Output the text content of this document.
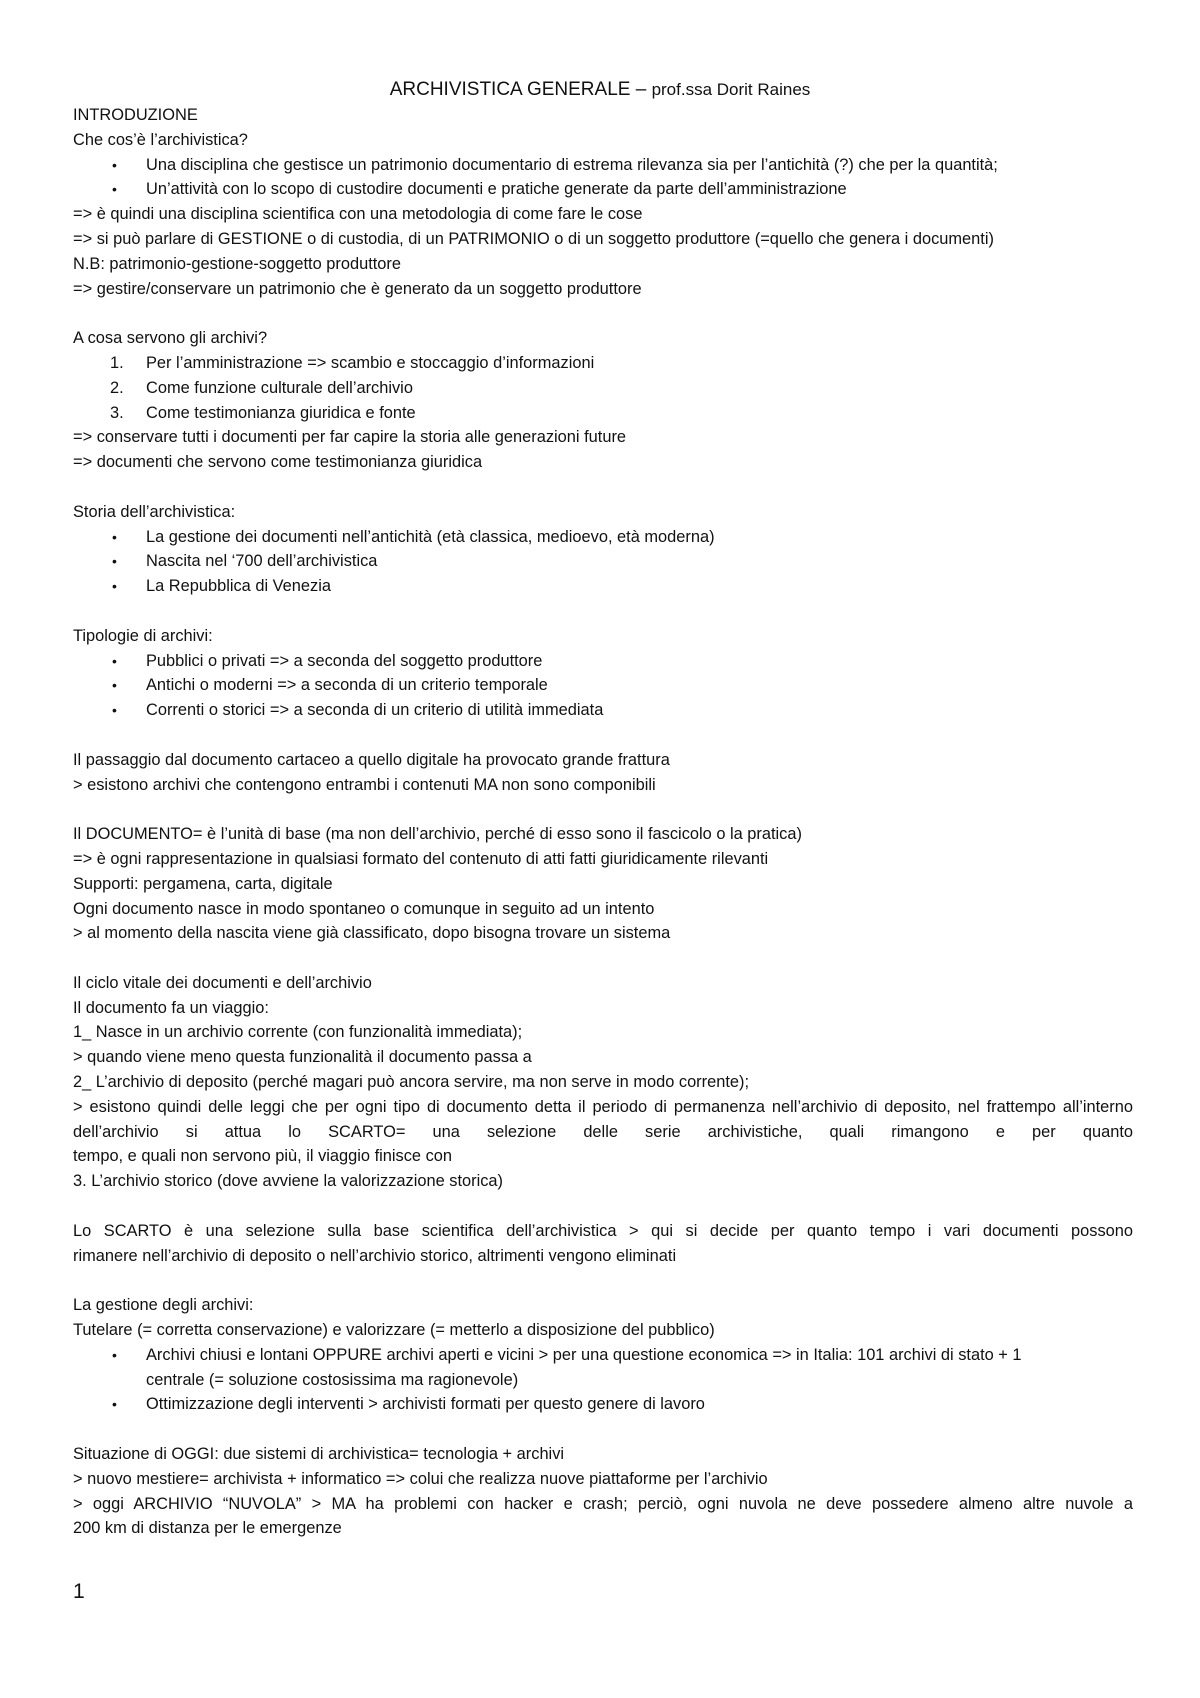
ARCHIVISTICA GENERALE – prof.ssa Dorit Raines
INTRODUZIONE
Che cos’è l’archivistica?
• Una disciplina che gestisce un patrimonio documentario di estrema rilevanza sia per l’antichità (?) che per la quantità;
• Un’attività con lo scopo di custodire documenti e pratiche generate da parte dell’amministrazione
=> è quindi una disciplina scientifica con una metodologia di come fare le cose
=> si può parlare di GESTIONE o di custodia, di un PATRIMONIO o di un soggetto produttore (=quello che genera i documenti)
N.B: patrimonio-gestione-soggetto produttore
=> gestire/conservare un patrimonio che è generato da un soggetto produttore
A cosa servono gli archivi?
1. Per l’amministrazione => scambio e stoccaggio d’informazioni
2. Come funzione culturale dell’archivio
3. Come testimonianza giuridica e fonte
=> conservare tutti i documenti per far capire la storia alle generazioni future
=> documenti che servono come testimonianza giuridica
Storia dell’archivistica:
• La gestione dei documenti nell’antichità (età classica, medioevo, età moderna)
• Nascita nel ‘700 dell’archivistica
• La Repubblica di Venezia
Tipologie di archivi:
• Pubblici o privati => a seconda del soggetto produttore
• Antichi o moderni => a seconda di un criterio temporale
• Correnti o storici => a seconda di un criterio di utilità immediata
Il passaggio dal documento cartaceo a quello digitale ha provocato grande frattura
> esistono archivi che contengono entrambi i contenuti MA non sono componibili
Il DOCUMENTO= è l’unità di base (ma non dell’archivio, perché di esso sono il fascicolo o la pratica)
=> è ogni rappresentazione in qualsiasi formato del contenuto di atti fatti giuridicamente rilevanti
Supporti: pergamena, carta, digitale
Ogni documento nasce in modo spontaneo o comunque in seguito ad un intento
> al momento della nascita viene già classificato, dopo bisogna trovare un sistema
Il ciclo vitale dei documenti e dell’archivio
Il documento fa un viaggio:
1_ Nasce in un archivio corrente (con funzionalità immediata);
> quando viene meno questa funzionalità il documento passa a
2_ L’archivio di deposito (perché magari può ancora servire, ma non serve in modo corrente);
> esistono quindi delle leggi che per ogni tipo di documento detta il periodo di permanenza nell’archivio di deposito, nel frattempo all’interno dell’archivio si attua lo SCARTO= una selezione delle serie archivistiche, quali rimangono e per quanto
tempo, e quali non servono più, il viaggio finisce con
3. L’archivio storico (dove avviene la valorizzazione storica)
Lo SCARTO è una selezione sulla base scientifica dell’archivistica > qui si decide per quanto tempo i vari documenti possono
rimanere nell’archivio di deposito o nell’archivio storico, altrimenti vengono eliminati
La gestione degli archivi:
Tutelare (= corretta conservazione) e valorizzare (= metterlo a disposizione del pubblico)
• Archivi chiusi e lontani OPPURE archivi aperti e vicini > per una questione economica => in Italia: 101 archivi di stato + 1
centrale (= soluzione costosissima ma ragionevole)
• Ottimizzazione degli interventi > archivisti formati per questo genere di lavoro
Situazione di OGGI: due sistemi di archivistica= tecnologia + archivi
> nuovo mestiere= archivista + informatico => colui che realizza nuove piattaforme per l’archivio
> oggi ARCHIVIO “NUVOLA” > MA ha problemi con hacker e crash; perciò, ogni nuvola ne deve possedere almeno altre nuvole a
200 km di distanza per le emergenze
1
